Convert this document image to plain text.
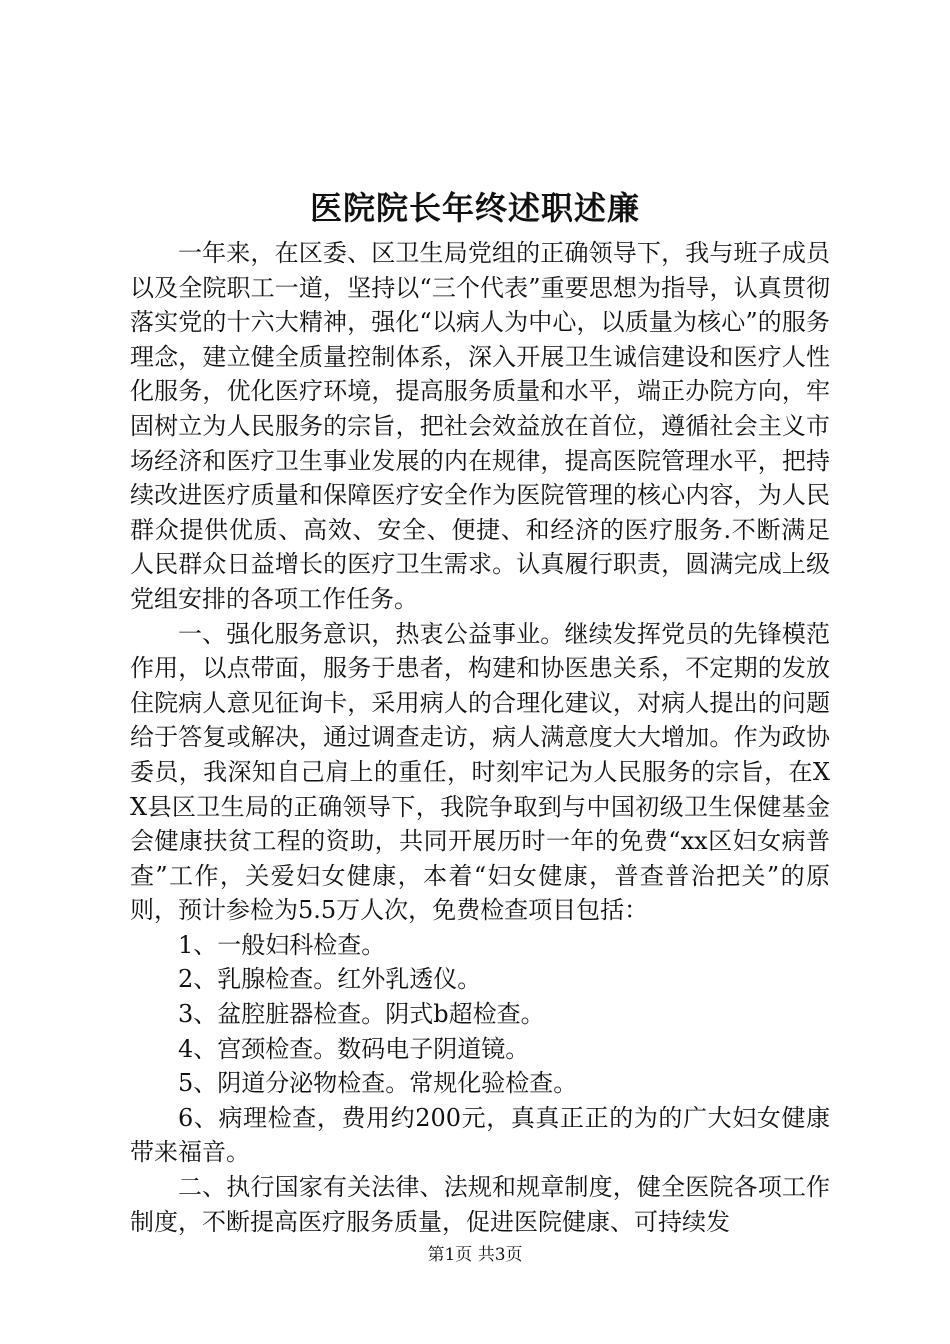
医院院长年终述职述廉

一年来，在区委、区卫生局党组的正确领导下，我与班子成员以及全院职工一道，坚持以“三个代表”重要思想为指导，认真贯彻落实党的十六大精神，强化“以病人为中心，以质量为核心”的服务理念，建立健全质量控制体系，深入开展卫生诚信建设和医疗人性化服务，优化医疗环境，提高服务质量和水平，端正办院方向，牢固树立为人民服务的宗旨，把社会效益放在首位，遵循社会主义市场经济和医疗卫生事业发展的内在规律，提高医院管理水平，把持续改进医疗质量和保障医疗安全作为医院管理的核心内容，为人民群众提供优质、高效、安全、便捷、和经济的医疗服务.不断满足人民群众日益增长的医疗卫生需求。认真履行职责，圆满完成上级党组安排的各项工作任务。

一、强化服务意识，热衷公益事业。继续发挥党员的先锋模范作用，以点带面，服务于患者，构建和协医患关系，不定期的发放住院病人意见征询卡，采用病人的合理化建议，对病人提出的问题给于答复或解决，通过调查走访，病人满意度大大增加。作为政协委员，我深知自己肩上的重任，时刻牢记为人民服务的宗旨，在XX县区卫生局的正确领导下，我院争取到与中国初级卫生保健基金会健康扶贫工程的资助，共同开展历时一年的免费“xx区妇女病普查”工作，关爱妇女健康，本着“妇女健康，普查普治把关”的原则，预计参检为5.5万人次，免费检查项目包括：

1、一般妇科检查。

2、乳腺检查。红外乳透仪。

3、盆腔脏器检查。阴式b超检查。

4、宫颈检查。数码电子阴道镜。

5、阴道分泌物检查。常规化验检查。

6、病理检查，费用约200元，真真正正的为的广大妇女健康带来福音。

二、执行国家有关法律、法规和规章制度，健全医院各项工作制度，不断提高医疗服务质量，促进医院健康、可持续发

第1页 共3页
